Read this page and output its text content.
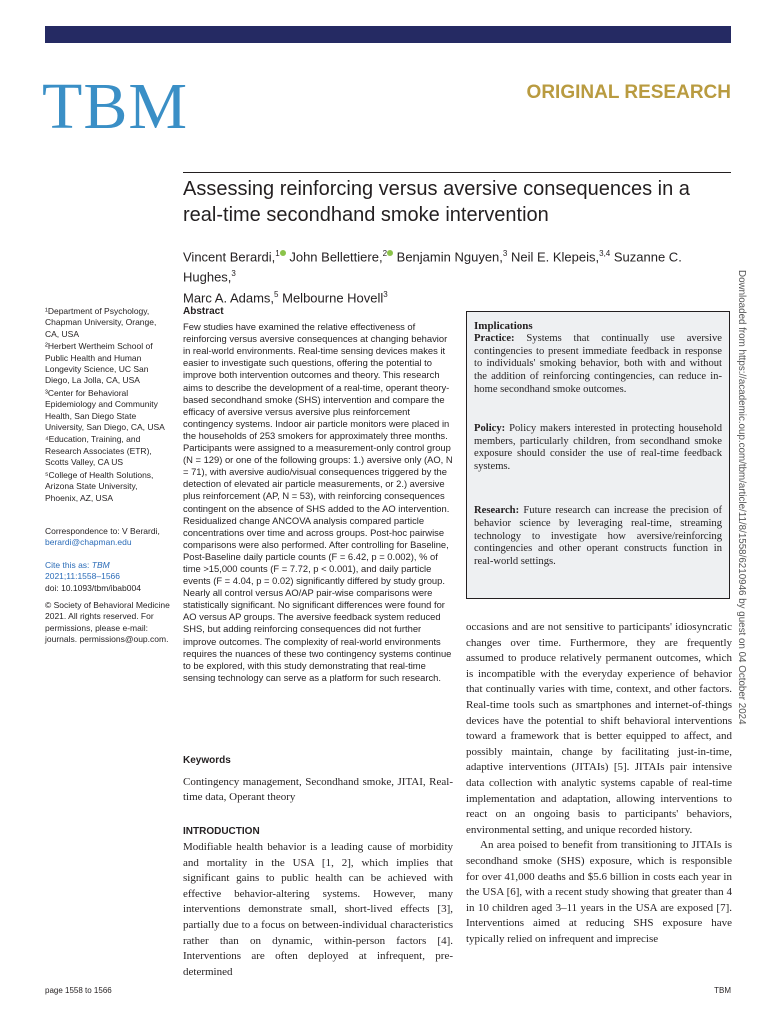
TBM	ORIGINAL RESEARCH
Assessing reinforcing versus aversive consequences in a real-time secondhand smoke intervention
Vincent Berardi,$^1$ John Bellettiere,$^2$ Benjamin Nguyen,$^3$ Neil E. Klepeis,$^{3,4}$ Suzanne C. Hughes,$^3$
Marc A. Adams,$^5$ Melbourne Hovell$^3$

¹Department of Psychology, Chapman University, Orange, CA, USA

²Herbert Wertheim School of Public Health and Human Longevity Science, UC San Diego, La Jolla, CA, USA

³Center for Behavioral Epidemiology and Community Health, San Diego State University, San Diego, CA, USA

⁴Education, Training, and Research Associates (ETR), Scotts Valley, CA US

⁵College of Health Solutions, Arizona State University, Phoenix, AZ, USA

Correspondence to: V Berardi,
berardi@chapman.edu
Cite this as: TBM
2021;11:1558–1566
doi: 10.1093/tbm/ibab004
© Society of Behavioral Medicine 2021. All rights reserved. For permissions, please e-mail: journals. permissions@oup.com.
Abstract

Few studies have examined the relative effectiveness of reinforcing versus aversive consequences at changing behavior in real-world environments. Real-time sensing devices makes it easier to investigate such questions, offering the potential to improve both intervention outcomes and theory. This research aims to describe the development of a real-time, operant theory-based secondhand smoke (SHS) intervention and compare the efficacy of aversive versus aversive plus reinforcement contingency systems. Indoor air particle monitors were placed in the households of 253 smokers for approximately three months. Participants were assigned to a measurement-only control group (N = 129) or one of the following groups: 1.) aversive only (AO, N = 71), with aversive audio/visual consequences triggered by the detection of elevated air particle measurements, or 2.) aversive plus reinforcement (AP, N = 53), with reinforcing consequences contingent on the absence of SHS added to the AO intervention. Residualized change ANCOVA analysis compared particle concentrations over time and across groups. Post-hoc pairwise comparisons were also performed. After controlling for Baseline, Post-Baseline daily particle counts (F = 6.42, p = 0.002), % of time >15,000 counts (F = 7.72, p < 0.001), and daily particle events (F = 4.04, p = 0.02) significantly differed by study group. Nearly all control versus AO/AP pair-wise comparisons were statistically significant. No significant differences were found for AO versus AP groups. The aversive feedback system reduced SHS, but adding reinforcing consequences did not further improve outcomes. The complexity of real-world environments requires the nuances of these two contingency systems continue to be explored, with this study demonstrating that real-time sensing technology can serve as a platform for such research.

Keywords
Contingency management, Secondhand smoke, JITAI, Real-time data, Operant theory
INTRODUCTION

Modifiable health behavior is a leading cause of morbidity and mortality in the USA [1, 2], which implies that significant gains to public health can be achieved with effective behavior-altering systems. However, many interventions demonstrate small, short-lived effects [3], partially due to a focus on between-individual characteristics rather than on dynamic, within-person factors [4]. Interventions are often deployed at infrequent, pre-determined

Implications

Practice: Systems that continually use aversive contingencies to present immediate feedback in response to individuals' smoking behavior, both with and without the addition of reinforcing contingencies, can reduce in-home secondhand smoke outcomes.

Policy: Policy makers interested in protecting household members, particularly children, from secondhand smoke exposure should consider the use of real-time feedback systems.

Research: Future research can increase the precision of behavior science by leveraging real-time, streaming technology to investigate how aversive/reinforcing contingencies and other operant constructs function in real-world settings.

occasions and are not sensitive to participants' idiosyncratic changes over time. Furthermore, they are frequently assumed to produce relatively permanent outcomes, which is incompatible with the everyday experience of behavior that continually varies with time, context, and other factors. Real-time tools such as smartphones and internet-of-things devices have the potential to shift behavioral interventions toward a framework that is better equipped to affect, and possibly maintain, change by facilitating just-in-time, adaptive interventions (JITAIs) [5]. JITAIs pair intensive data collection with analytic systems capable of real-time implementation and adaptation, allowing interventions to react on an ongoing basis to participants' behaviors, environmental setting, and unique recorded history.

An area poised to benefit from transitioning to JITAIs is secondhand smoke (SHS) exposure, which is responsible for over 41,000 deaths and $5.6 billion in costs each year in the USA [6], with a recent study showing that greater than 4 in 10 children aged 3–11 years in the USA are exposed [7]. Interventions aimed at reducing SHS exposure have typically relied on infrequent and imprecise

Downloaded from https://academic.oup.com/tbm/article/11/8/1558/6210946 by guest on 04 October 2024
page 1558 to 1566	TBM
